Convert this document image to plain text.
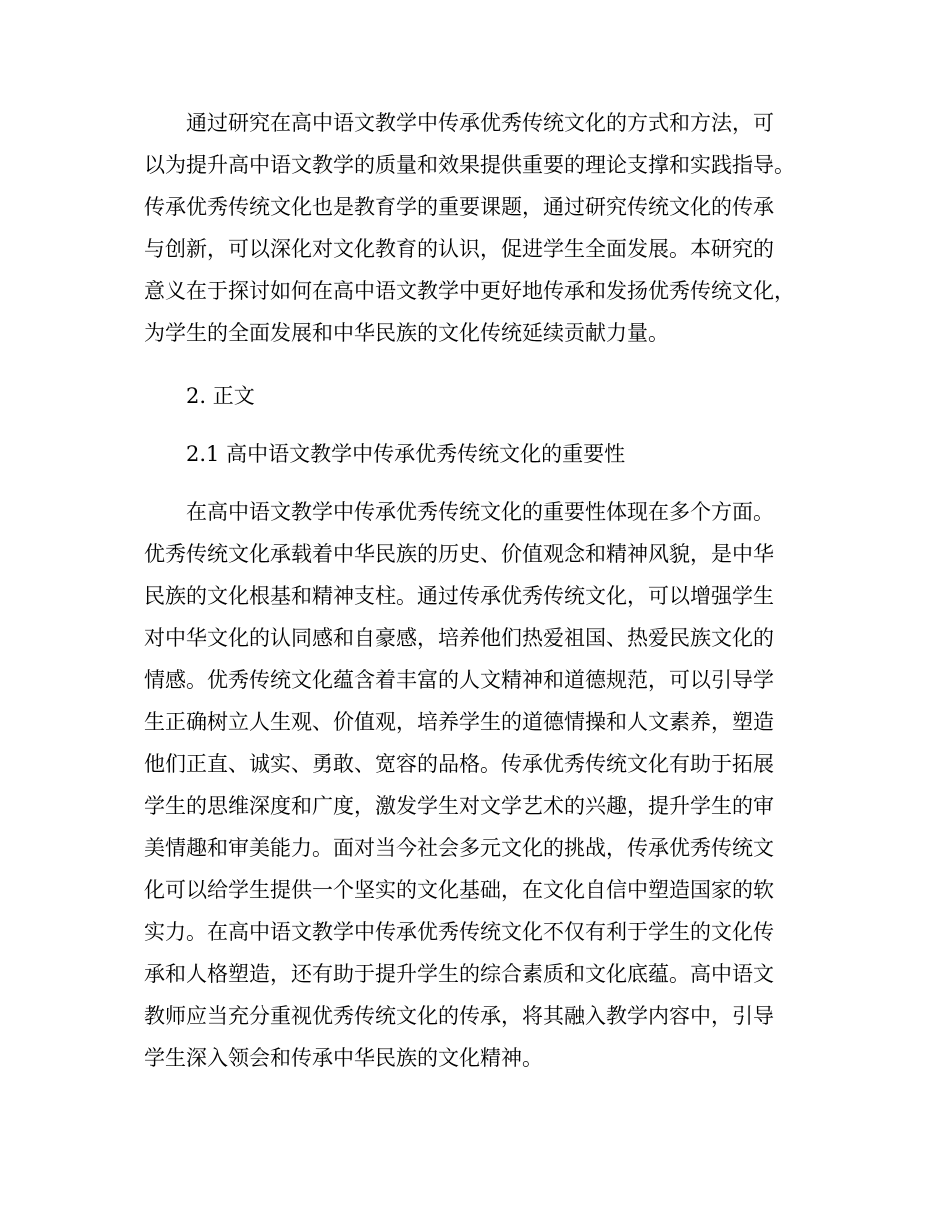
通过研究在高中语文教学中传承优秀传统文化的方式和方法，可
以为提升高中语文教学的质量和效果提供重要的理论支撑和实践指导。
传承优秀传统文化也是教育学的重要课题，通过研究传统文化的传承
与创新，可以深化对文化教育的认识，促进学生全面发展。本研究的
意义在于探讨如何在高中语文教学中更好地传承和发扬优秀传统文化，
为学生的全面发展和中华民族的文化传统延续贡献力量。
2. 正文
2.1 高中语文教学中传承优秀传统文化的重要性
在高中语文教学中传承优秀传统文化的重要性体现在多个方面。
优秀传统文化承载着中华民族的历史、价值观念和精神风貌，是中华
民族的文化根基和精神支柱。通过传承优秀传统文化，可以增强学生
对中华文化的认同感和自豪感，培养他们热爱祖国、热爱民族文化的
情感。优秀传统文化蕴含着丰富的人文精神和道德规范，可以引导学
生正确树立人生观、价值观，培养学生的道德情操和人文素养，塑造
他们正直、诚实、勇敢、宽容的品格。传承优秀传统文化有助于拓展
学生的思维深度和广度，激发学生对文学艺术的兴趣，提升学生的审
美情趣和审美能力。面对当今社会多元文化的挑战，传承优秀传统文
化可以给学生提供一个坚实的文化基础，在文化自信中塑造国家的软
实力。在高中语文教学中传承优秀传统文化不仅有利于学生的文化传
承和人格塑造，还有助于提升学生的综合素质和文化底蕴。高中语文
教师应当充分重视优秀传统文化的传承，将其融入教学内容中，引导
学生深入领会和传承中华民族的文化精神。
